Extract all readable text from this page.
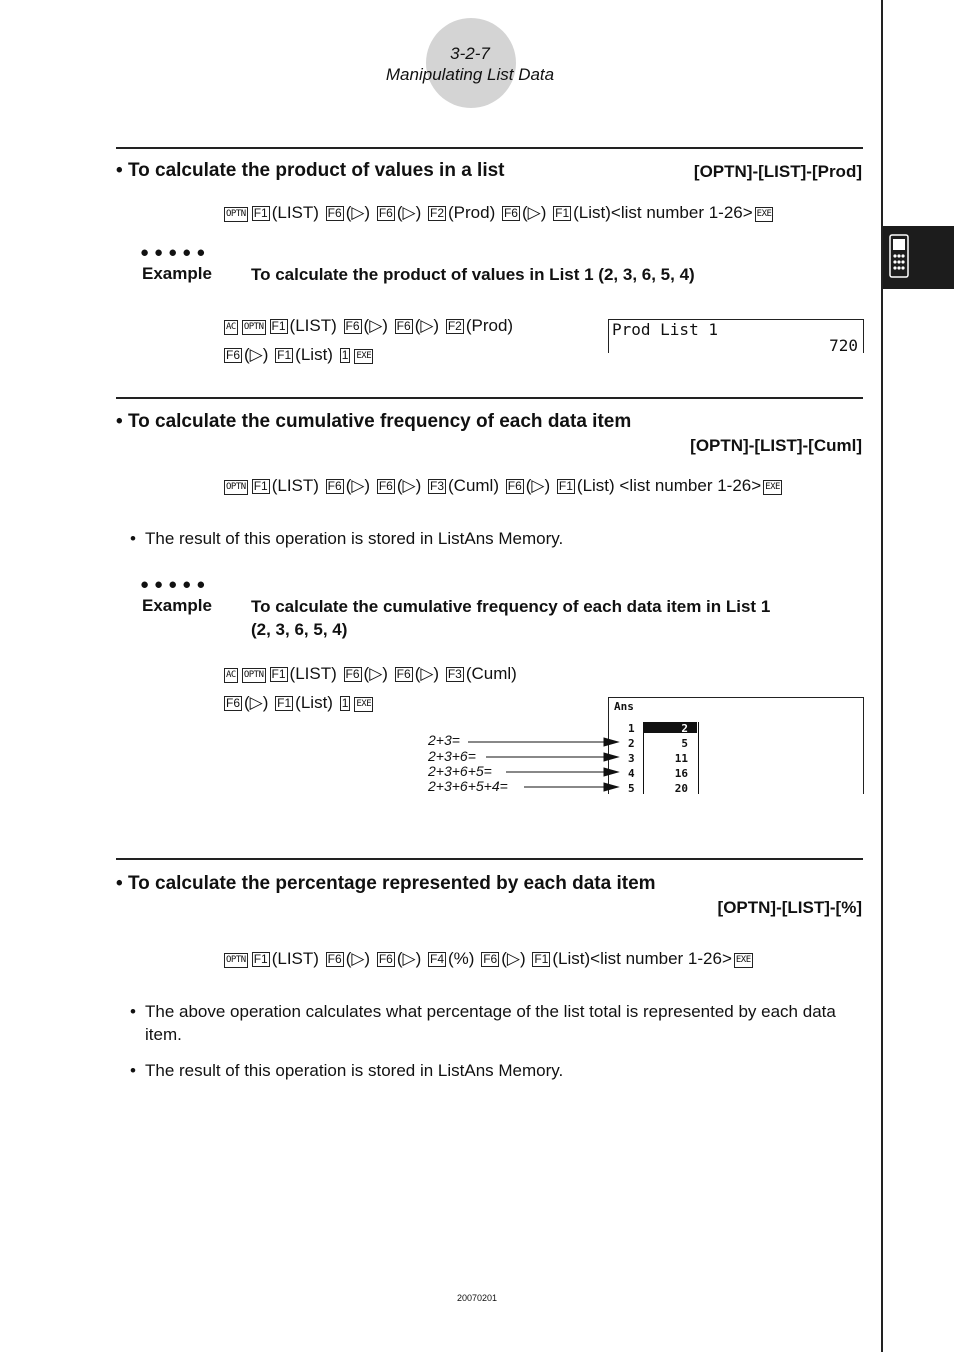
3-2-7
Manipulating List Data
• To calculate the product of values in a list	[OPTN]-[LIST]-[Prod]
OPTN F1 (LIST) F6 (▷) F6 (▷) F2 (Prod) F6 (▷) F1 (List)<list number 1-26> EXE
●●●●●
Example To calculate the product of values in List 1 (2, 3, 6, 5, 4)
AC OPTN F1 (LIST) F6 (▷) F6 (▷) F2 (Prod)
F6 (▷) F1 (List) 1 EXE
Prod List 1
720
• To calculate the cumulative frequency of each data item
[OPTN]-[LIST]-[Cuml]
OPTN F1 (LIST) F6 (▷) F6 (▷) F3 (Cuml) F6 (▷) F1 (List) <list number 1-26> EXE
• The result of this operation is stored in ListAns Memory.
●●●●●
Example To calculate the cumulative frequency of each data item in List 1
(2, 3, 6, 5, 4)
AC OPTN F1 (LIST) F6 (▷) F6 (▷) F3 (Cuml)
F6 (▷) F1 (List) 1 EXE	Ans
1
2
3
4
5
2
5
11
16
20
2+3=
2+3+6=
2+3+6+5=
2+3+6+5+4=
• To calculate the percentage represented by each data item
[OPTN]-[LIST]-[%]
OPTN F1 (LIST) F6 (▷) F6 (▷) F4 (%) F6 (▷) F1 (List)<list number 1-26> EXE
• The above operation calculates what percentage of the list total is represented by each data item.
• The result of this operation is stored in ListAns Memory.
20070201
